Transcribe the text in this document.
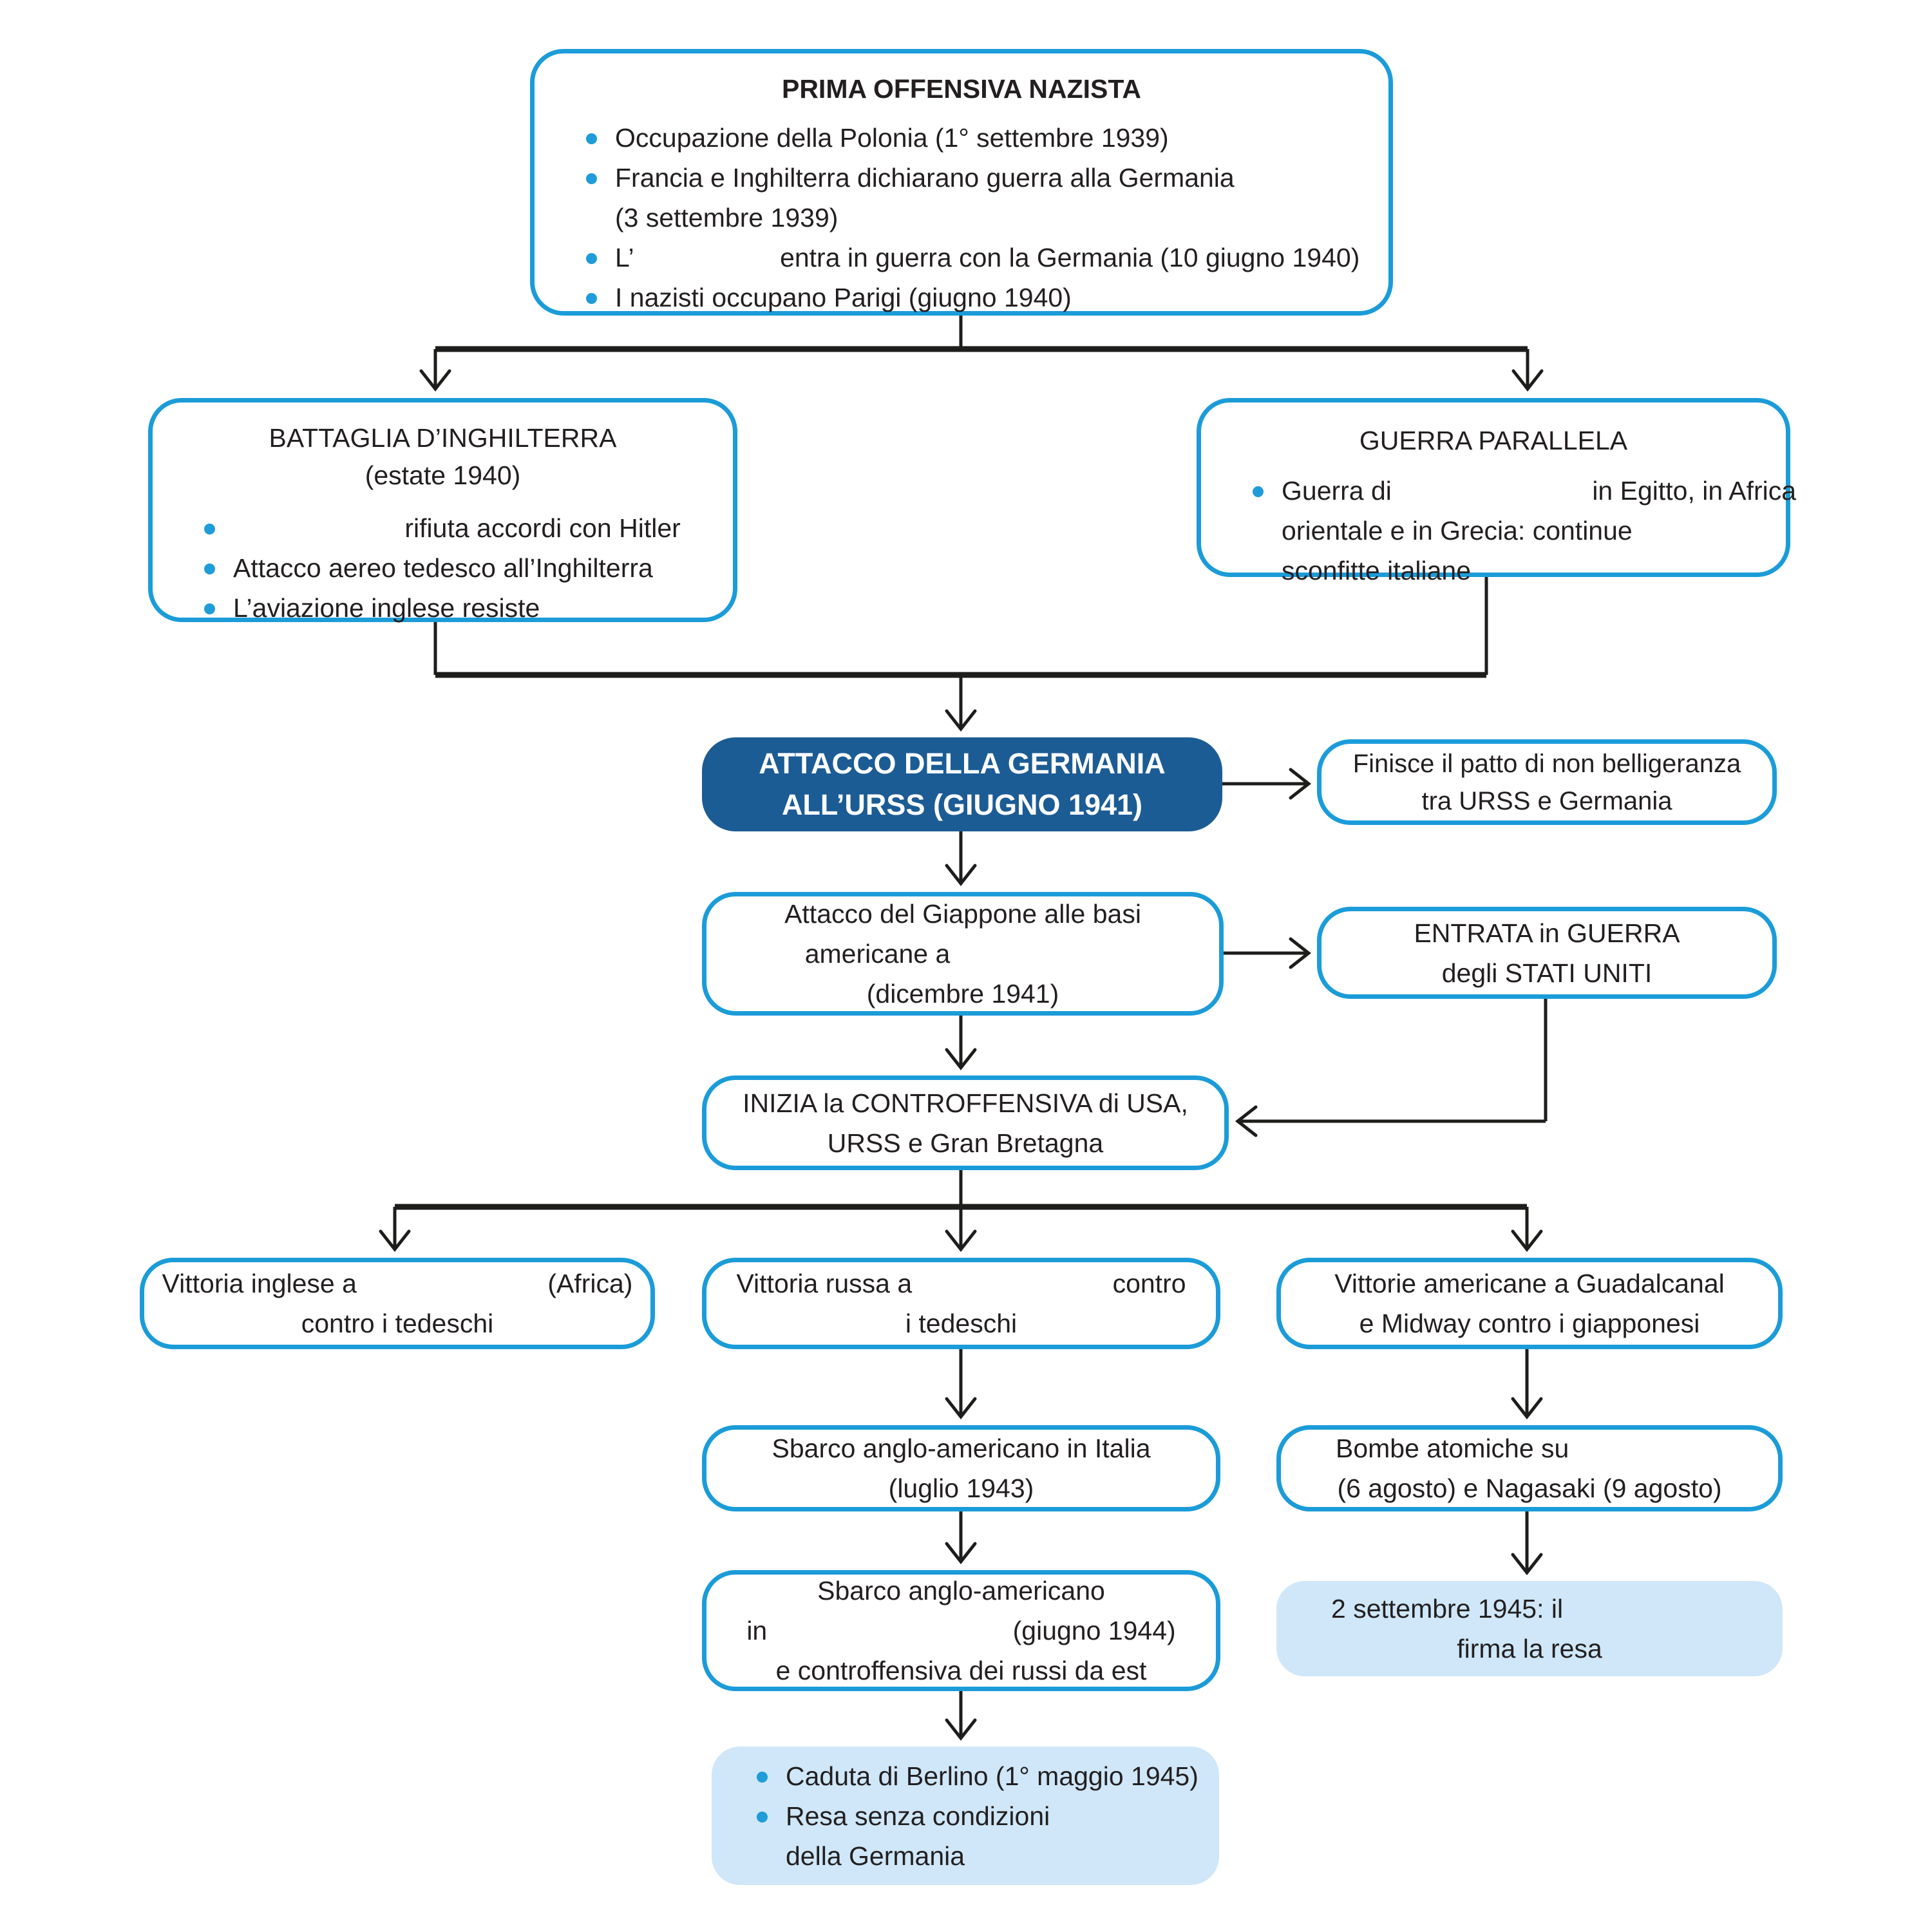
PRIMA OFFENSIVA NAZISTA
Occupazione della Polonia (1° settembre 1939)
Francia e Inghilterra dichiarano guerra alla Germania
(3 settembre 1939)
L’	entra in guerra con la Germania (10 giugno 1940)
I nazisti occupano Parigi (giugno 1940)
BATTAGLIA D’INGHILTERRA
(estate 1940)
rifiuta accordi con Hitler
Attacco aereo tedesco all’Inghilterra
L’aviazione inglese resiste
GUERRA PARALLELA
Guerra di	in Egitto, in Africa
orientale e in Grecia: continue
sconfitte italiane
ATTACCO DELLA GERMANIA
ALL’URSS (GIUGNO 1941)
Finisce il patto di non belligeranza
tra URSS e Germania
Attacco del Giappone alle basi
americane a
(dicembre 1941)
ENTRATA in GUERRA
degli STATI UNITI
INIZIA la CONTROFFENSIVA di USA,
URSS e Gran Bretagna
Vittoria inglese a	(Africa)
contro i tedeschi
Vittoria russa a	contro
i tedeschi
Vittorie americane a Guadalcanal
e Midway contro i giapponesi
Sbarco anglo-americano in Italia
(luglio 1943)
Bombe atomiche su
(6 agosto) e Nagasaki (9 agosto)
Sbarco anglo-americano
in	(giugno 1944)
e controffensiva dei russi da est
2 settembre 1945: il
firma la resa
Caduta di Berlino (1° maggio 1945)
Resa senza condizioni
della Germania
